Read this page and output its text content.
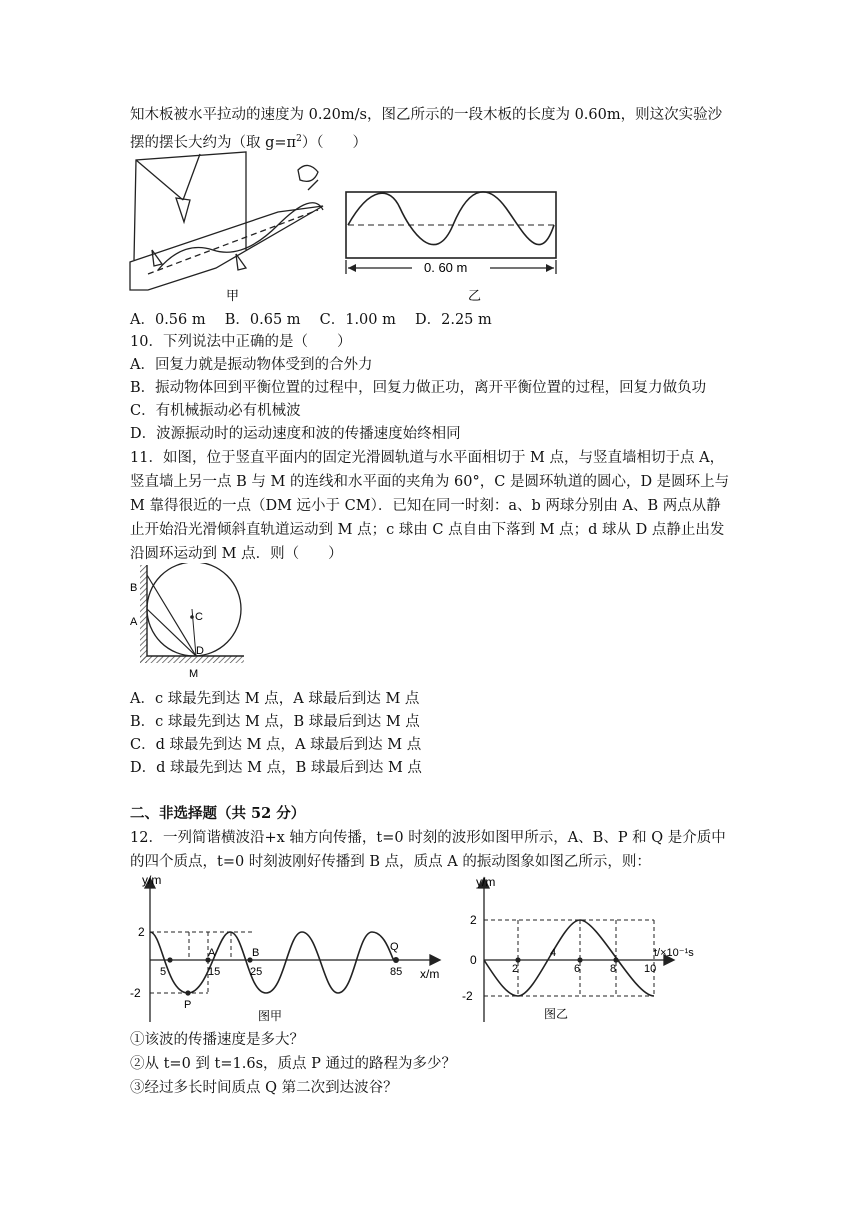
知木板被水平拉动的速度为 0.20m/s，图乙所示的一段木板的长度为 0.60m，则这次实验沙
摆的摆长大约为（取 $g=\pi^2$）（　　）
甲
0. 60 m
乙
A．0.56 m　 B．0.65 m　 C．1.00 m　 D．2.25 m
10．下列说法中正确的是（　　）
A．回复力就是振动物体受到的合外力
B．振动物体回到平衡位置的过程中，回复力做正功，离开平衡位置的过程，回复力做负功
C．有机械振动必有机械波
D．波源振动时的运动速度和波的传播速度始终相同
11．如图，位于竖直平面内的固定光滑圆轨道与水平面相切于 M 点，与竖直墙相切于点 A，
竖直墙上另一点 B 与 M 的连线和水平面的夹角为 60°，C 是圆环轨道的圆心，D 是圆环上与
M 靠得很近的一点（DM 远小于 CM）．已知在同一时刻：a、b 两球分别由 A、B 两点从静
止开始沿光滑倾斜直轨道运动到 M 点；c 球由 C 点自由下落到 M 点；d 球从 D 点静止出发
沿圆环运动到 M 点．则（　　）
B
A	C
D
M
A．c 球最先到达 M 点，A 球最后到达 M 点
B．c 球最先到达 M 点，B 球最后到达 M 点
C．d 球最先到达 M 点，A 球最后到达 M 点
D．d 球最先到达 M 点，B 球最后到达 M 点
二、非选择题（共 52 分）
12．一列简谐横波沿+x 轴方向传播，t=0 时刻的波形如图甲所示，A、B、P 和 Q 是介质中
的四个质点，t=0 时刻波刚好传播到 B 点，质点 A 的振动图象如图乙所示，则：
y/m
2
-2
5	15	25	85
A	B
P
Q
x/m
图甲
y/m
2
0
-2
2
4
6	8	10
t/×10⁻¹s
图乙
①该波的传播速度是多大？
②从 t=0 到 t=1.6s，质点 P 通过的路程为多少？
③经过多长时间质点 Q 第二次到达波谷？
